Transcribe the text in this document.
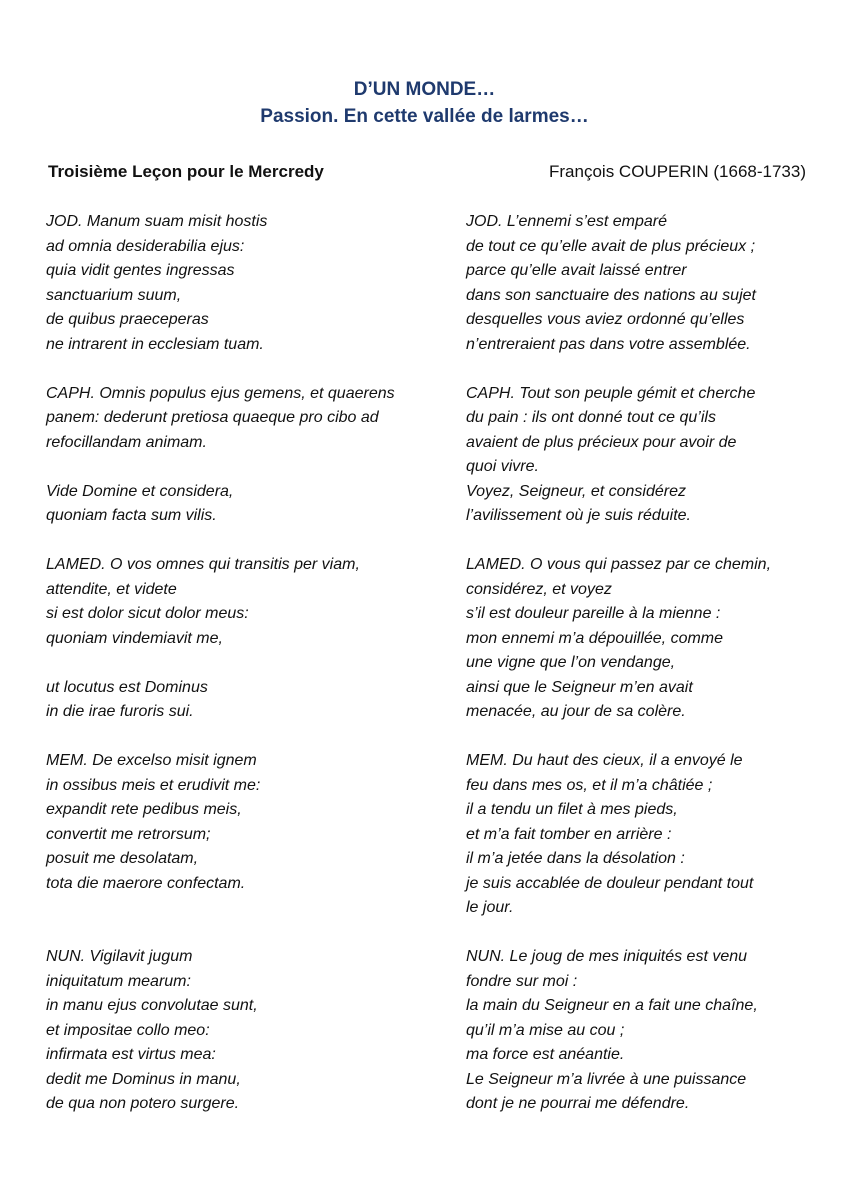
D’UN MONDE…
Passion. En cette vallée de larmes…
Troisième Leçon pour le Mercredy	François COUPERIN (1668-1733)
JOD. Manum suam misit hostis
ad omnia desiderabilia ejus:
quia vidit gentes ingressas
sanctuarium suum,
de quibus praeceperas
ne intrarent in ecclesiam tuam.
CAPH. Omnis populus ejus gemens, et quaerens
panem: dederunt pretiosa quaeque pro cibo ad
refocillandam animam.
Vide Domine et considera,
quoniam facta sum vilis.
LAMED. O vos omnes qui transitis per viam,
attendite, et videte
si est dolor sicut dolor meus:
quoniam vindemiavit me,
ut locutus est Dominus
in die irae furoris sui.
MEM. De excelso misit ignem
in ossibus meis et erudivit me:
expandit rete pedibus meis,
convertit me retrorsum;
posuit me desolatam,
tota die maerore confectam.
NUN. Vigilavit jugum
iniquitatum mearum:
in manu ejus convolutae sunt,
et impositae collo meo:
infirmata est virtus mea:
dedit me Dominus in manu,
de qua non potero surgere.
JOD. L’ennemi s’est emparé
de tout ce qu’elle avait de plus précieux ;
parce qu’elle avait laissé entrer
dans son sanctuaire des nations au sujet
desquelles vous aviez ordonné qu’elles
n’entreraient pas dans votre assemblée.
CAPH. Tout son peuple gémit et cherche
du pain : ils ont donné tout ce qu’ils
avaient de plus précieux pour avoir de
quoi vivre.
Voyez, Seigneur, et considérez
l’avilissement où je suis réduite.
LAMED. O vous qui passez par ce chemin,
considérez, et voyez
s’il est douleur pareille à la mienne :
mon ennemi m’a dépouillée, comme
une vigne que l’on vendange,
ainsi que le Seigneur m’en avait
menacée, au jour de sa colère.
MEM. Du haut des cieux, il a envoyé le
feu dans mes os, et il m’a châtiée ;
il a tendu un filet à mes pieds,
et m’a fait tomber en arrière :
il m’a jetée dans la désolation :
je suis accablée de douleur pendant tout
le jour.
NUN. Le joug de mes iniquités est venu
fondre sur moi :
la main du Seigneur en a fait une chaîne,
qu’il m’a mise au cou ;
ma force est anéantie.
Le Seigneur m’a livrée à une puissance
dont je ne pourrai me défendre.
